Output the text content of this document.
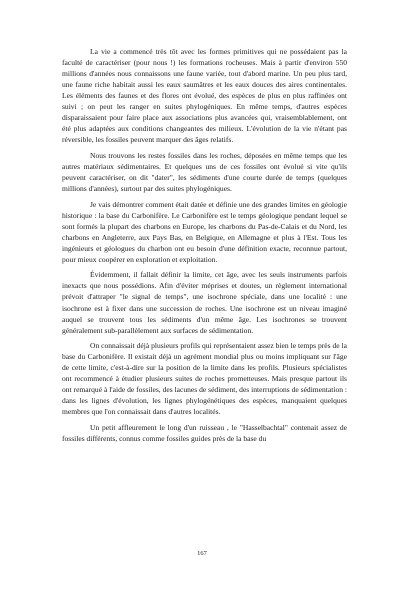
La vie a commencé très tôt avec les formes primitives qui ne possédaient pas la faculté de caractériser (pour nous !) les formations rocheuses. Mais à partir d'environ 550 millions d'années nous connaissons une faune variée, tout d'abord marine. Un peu plus tard, une faune riche habitait aussi les eaux saumâtres et les eaux douces des aires continentales. Les éléments des faunes et des flores ont évolué, des espèces de plus en plus raffinées ont suivi ; on peut les ranger en suites phylogéniques. En même temps, d'autres espèces disparaissaient pour faire place aux associations plus avancées qui, vraisemblablement, ont été plus adaptées aux conditions changeantes des milieux. L'évolution de la vie n'étant pas réversible, les fossiles peuvent marquer des âges relatifs.

Nous trouvons les restes fossiles dans les roches, déposées en même temps que les autres matériaux sédimentaires. Et quelques uns de ces fossiles ont évolué si vite qu'ils peuvent caractériser, on dit "dater", les sédiments d'une courte durée de temps (quelques millions d'années), surtout par des suites phylogéniques.

Je vais démontrer comment était datée et définie une des grandes limites en géologie historique : la base du Carbonifère. Le Carbonifère est le temps géologique pendant lequel se sont formés la plupart des charbons en Europe, les charbons du Pas-de-Calais et du Nord, les charbons en Angleterre, aux Pays Bas, en Belgique, en Allemagne et plus à l'Est. Tous les ingénieurs et géologues du charbon ont eu besoin d'une définition exacte, reconnue partout, pour mieux coopérer en exploration et exploitation.

Évidemment, il fallait définir la limite, cet âge, avec les seuls instruments parfois inexacts que nous possédions. Afin d'éviter méprises et doutes, un règlement international prévoit d'attraper "le signal de temps", une isochrone spéciale, dans une localité : une isochrone est à fixer dans une succession de roches. Une isochrone est un niveau imaginé auquel se trouvent tous les sédiments d'un même âge. Les isochrones se trouvent généralement sub-parallèlement aux surfaces de sédimentation.

On connaissait déjà plusieurs profils qui représentaient assez bien le temps près de la base du Carbonifère. Il existait déjà un agrément mondial plus ou moins impliquant sur l'âge de cette limite, c'est-à-dire sur la position de la limite dans les profils. Plusieurs spécialistes ont recommencé à étudier plusieurs suites de roches prometteuses. Mais presque partout ils ont remarqué à l'aide de fossiles, des lacunes de sédiment, des interruptions de sédimentation : dans les lignes d'évolution, les lignes phylogénétiques des espèces, manquaient quelques membres que l'on connaissait dans d'autres localités.

Un petit affleurement le long d'un ruisseau , le "Hasselbachtal" contenait assez de fossiles différents, connus comme fossiles guides près de la base du

167
